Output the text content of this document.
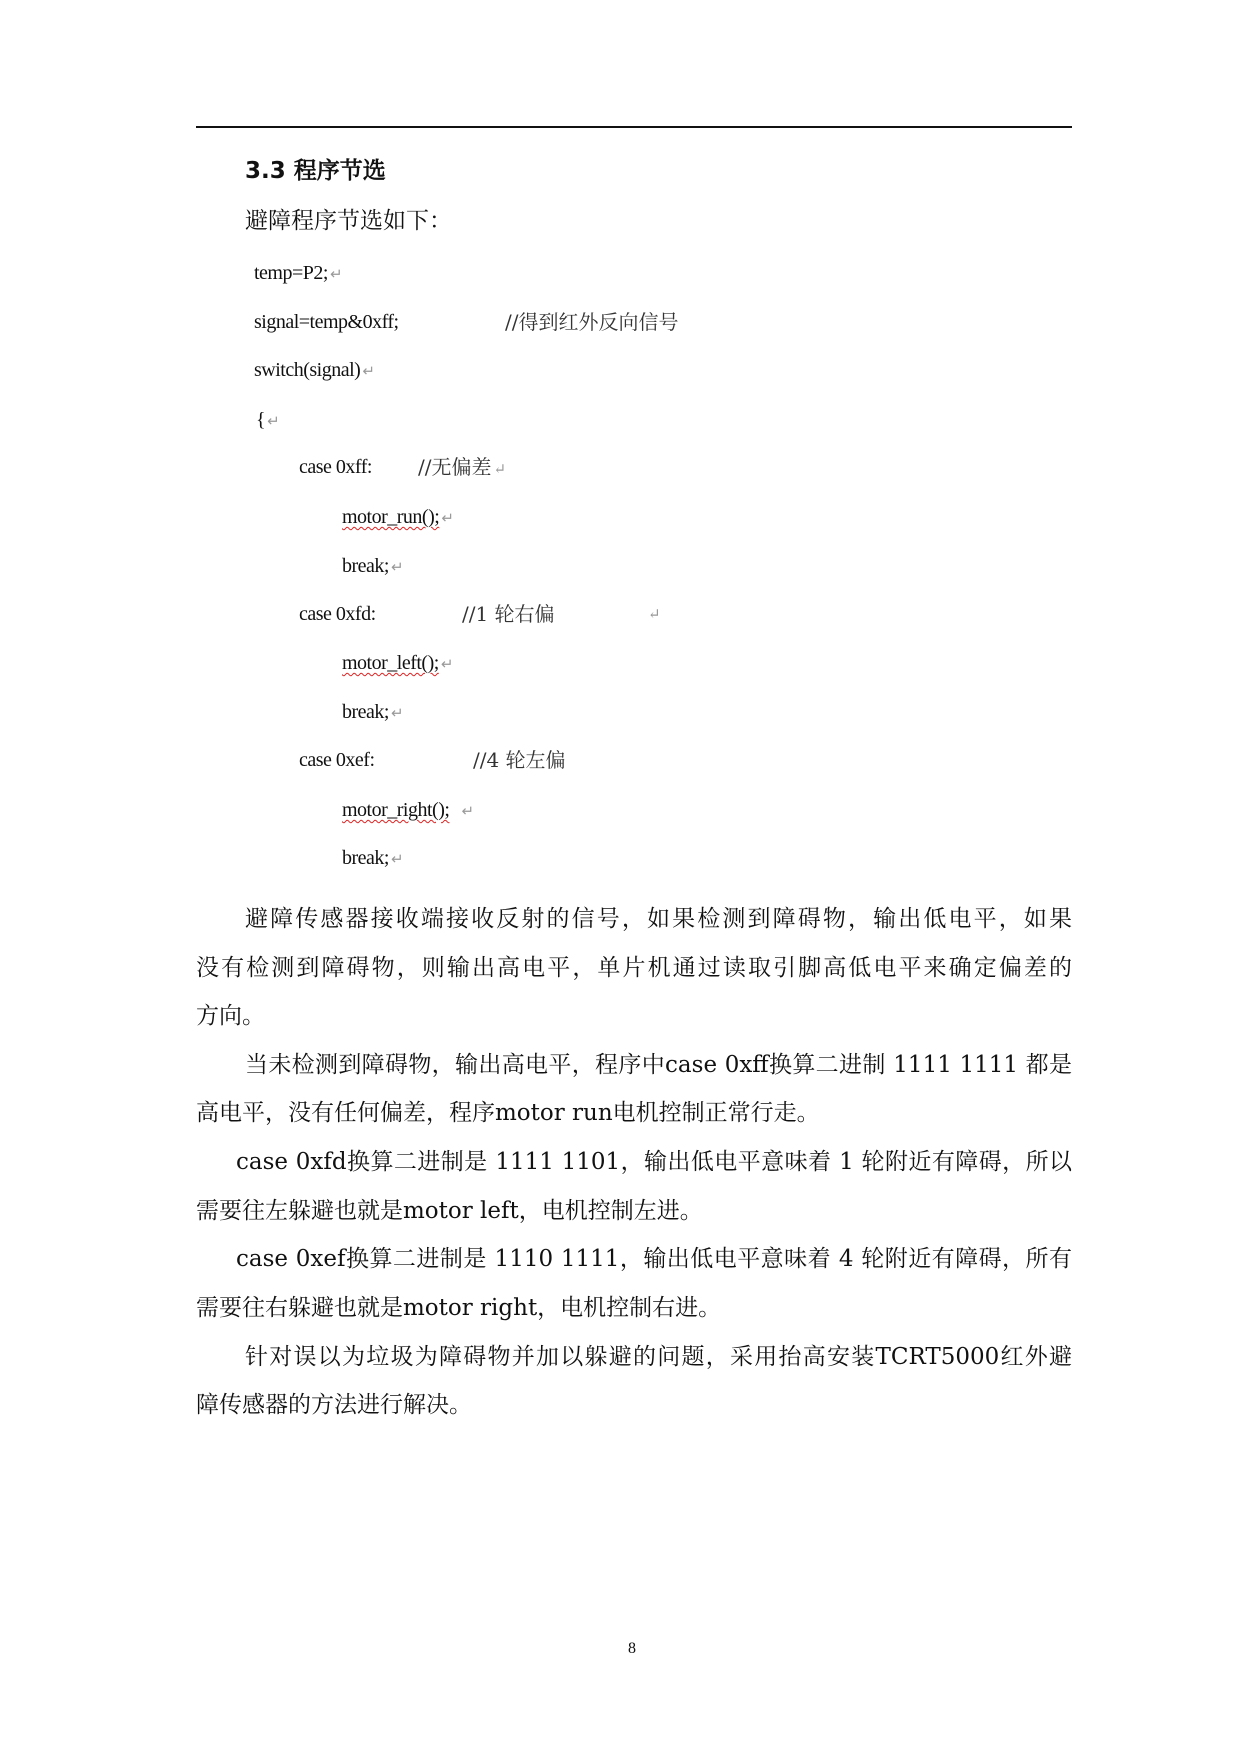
3.3 程序节选
避障程序节选如下：
temp=P2; ↵
signal=temp&0xff;	//得到红外反向信号
switch(signal) ↵
{ ↵
case 0xff: //无偏差 ↵
motor_run(); ↵
break; ↵
case 0xfd:	//1 轮右偏	↵
motor_left(); ↵
break; ↵
case 0xef:	//4 轮左偏
motor_right(); ↵
break; ↵
避障传感器接收端接收反射的信号，如果检测到障碍物，输出低电平，如果
没有检测到障碍物，则输出高电平，单片机通过读取引脚高低电平来确定偏差的
方向。
当未检测到障碍物，输出高电平，程序中case 0xff换算二进制 1111 1111 都是
高电平，没有任何偏差，程序motor run电机控制正常行走。
case 0xfd换算二进制是 1111 1101，输出低电平意味着 1 轮附近有障碍，所以
需要往左躲避也就是motor left，电机控制左进。
case 0xef换算二进制是 1110 1111，输出低电平意味着 4 轮附近有障碍，所有
需要往右躲避也就是motor right，电机控制右进。
针对误以为垃圾为障碍物并加以躲避的问题，采用抬高安装TCRT5000红外避
障传感器的方法进行解决。
8
